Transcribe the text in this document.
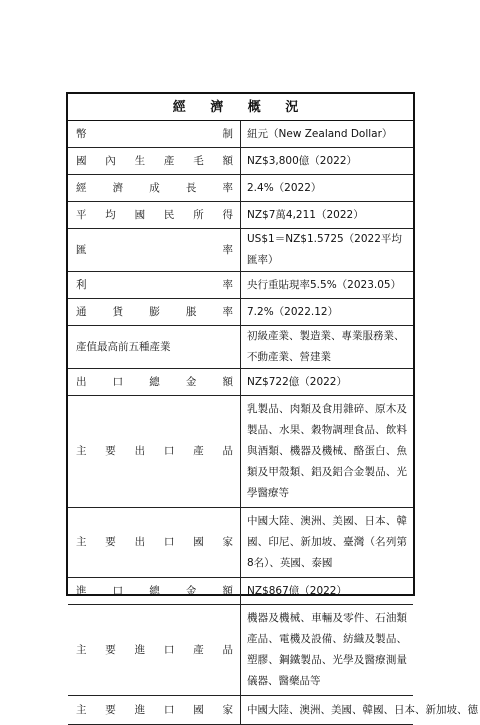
經 濟 概 況	
幣制	紐元（New Zealand Dollar）
國內生產毛額	NZ$3,800億（2022）
經濟成長率	2.4%（2022）
平均國民所得	NZ$7萬4,211（2022）
匯率	US$1＝NZ$1.5725（2022平均匯率）
利率	央行重貼現率5.5%（2023.05）
通貨膨脹率	7.2%（2022.12）
產值最高前五種產業	初級產業、製造業、專業服務業、不動產業、營建業
出口總金額	NZ$722億（2022）
主要出口產品	乳製品、肉類及食用雜碎、原木及製品、水果、穀物調理食品、飲料與酒類、機器及機械、酪蛋白、魚類及甲殼類、鋁及鋁合金製品、光學醫療等
主要出口國家	中國大陸、澳洲、美國、日本、韓國、印尼、新加坡、臺灣（名列第8名）、英國、泰國
進口總金額	NZ$867億（2022）
主要進口產品	機器及機械、車輛及零件、石油類產品、電機及設備、紡織及製品、塑膠、鋼鐵製品、光學及醫療測量儀器、醫藥品等
主要進口國家	中國大陸、澳洲、美國、韓國、日本、新加坡、德
